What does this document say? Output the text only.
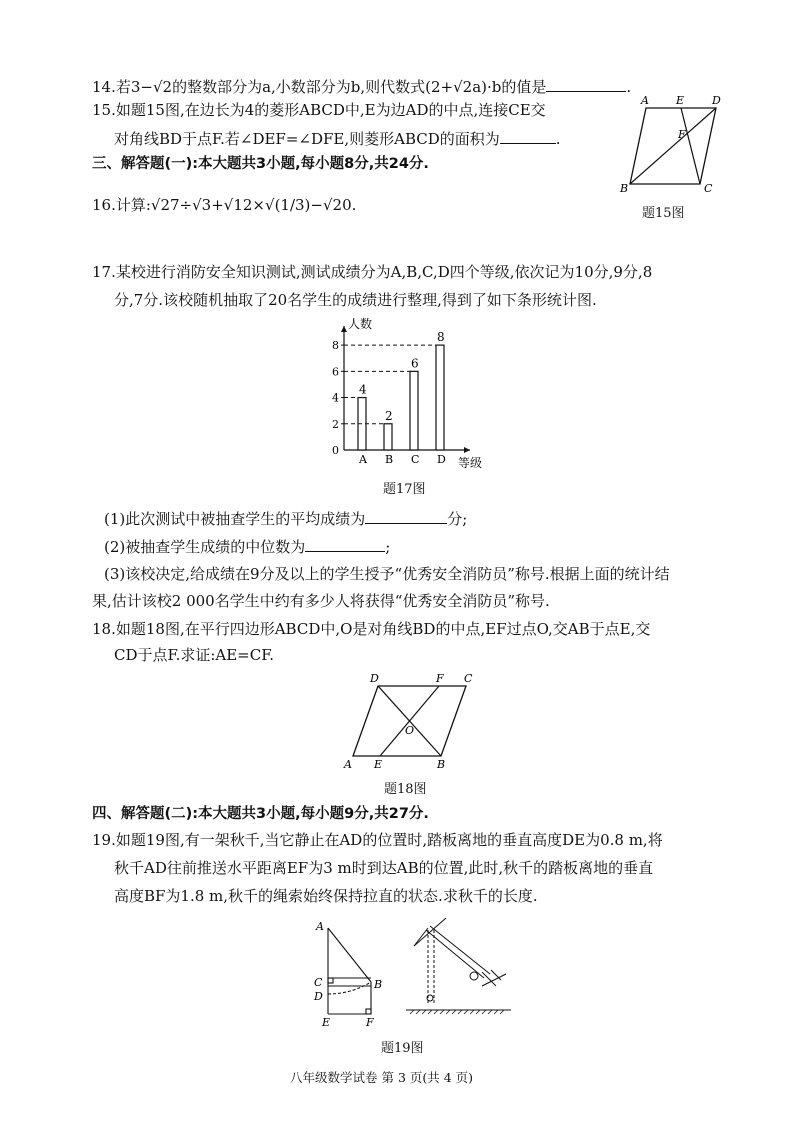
14.若3−√2的整数部分为a,小数部分为b,则代数式(2+√2a)·b的值是	.
15.如题15图,在边长为4的菱形ABCD中,E为边AD的中点,连接CE交
对角线BD于点F.若∠DEF=∠DFE,则菱形ABCD的面积为	.
A E	D
F
B	C
题15图
三、解答题(一):本大题共3小题,每小题8分,共24分.
16.计算:√27÷√3+√12×√(1/3)−√20.
17.某校进行消防安全知识测试,测试成绩分为A,B,C,D四个等级,依次记为10分,9分,8
分,7分.该校随机抽取了20名学生的成绩进行整理,得到了如下条形统计图.
人数
等级
0
2
4
6
8
4
A
2
B
6
C
8
D
题17图
(1)此次测试中被抽查学生的平均成绩为	分;
(2)被抽查学生成绩的中位数为	;
(3)该校决定,给成绩在9分及以上的学生授予“优秀安全消防员”称号.根据上面的统计结
果,估计该校2 000名学生中约有多少人将获得“优秀安全消防员”称号.
18.如题18图,在平行四边形ABCD中,O是对角线BD的中点,EF过点O,交AB于点E,交
CD于点F.求证:AE=CF.
D	F C
O
A E	B
题18图
四、解答题(二):本大题共3小题,每小题9分,共27分.
19.如题19图,有一架秋千,当它静止在AD的位置时,踏板离地的垂直高度DE为0.8 m,将
秋千AD往前推送水平距离EF为3 m时到达AB的位置,此时,秋千的踏板离地的垂直
高度BF为1.8 m,秋千的绳索始终保持拉直的状态.求秋千的长度.
A
C	B
D
E	F
题19图
八年级数学试卷 第 3 页(共 4 页)
